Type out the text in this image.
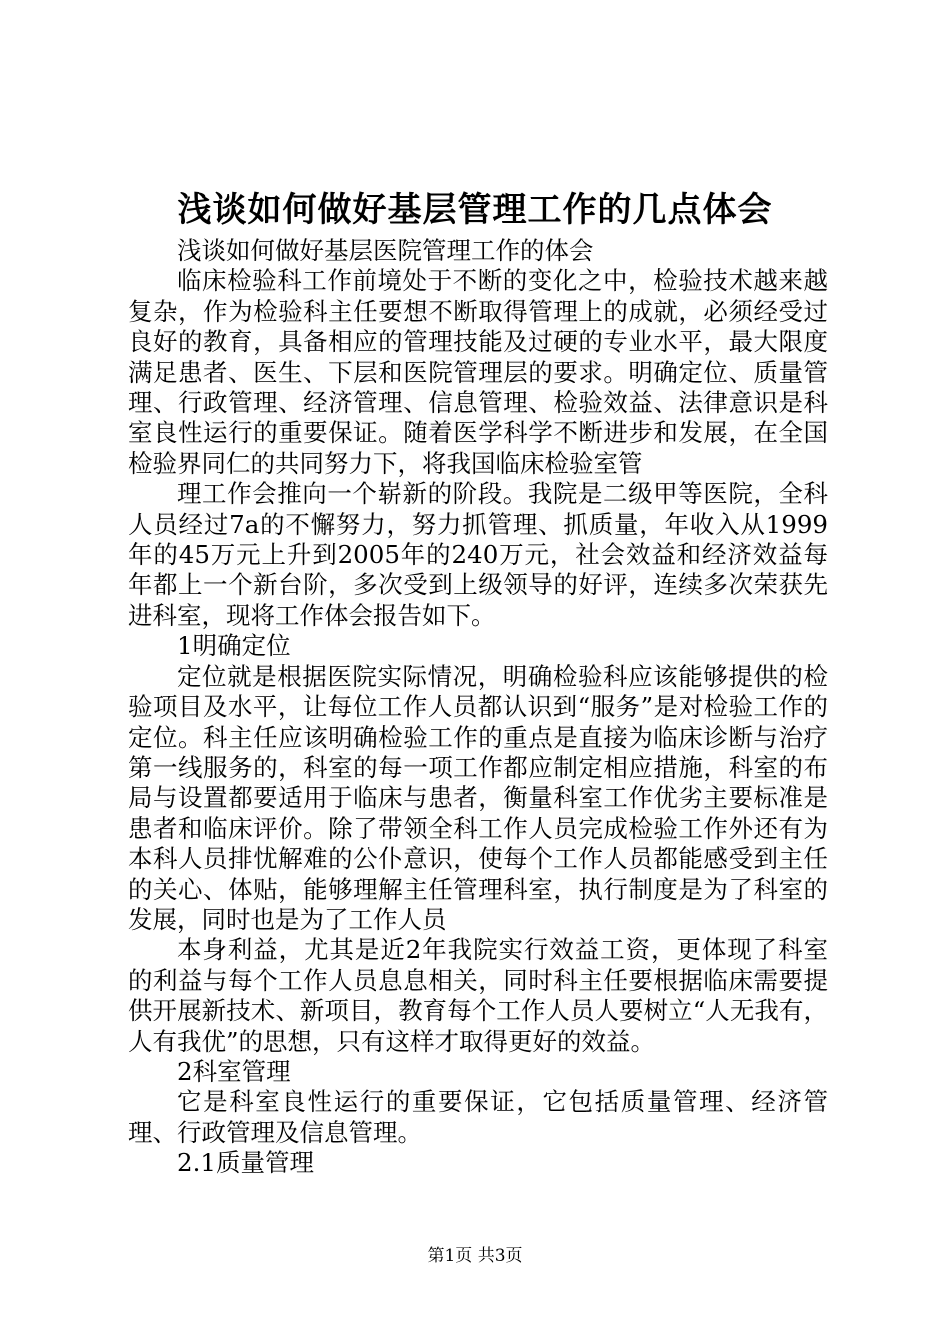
浅谈如何做好基层管理工作的几点体会

浅谈如何做好基层医院管理工作的体会

临床检验科工作前境处于不断的变化之中，检验技术越来越复杂，作为检验科主任要想不断取得管理上的成就，必须经受过良好的教育，具备相应的管理技能及过硬的专业水平，最大限度满足患者、医生、下层和医院管理层的要求。明确定位、质量管理、行政管理、经济管理、信息管理、检验效益、法律意识是科室良性运行的重要保证。随着医学科学不断进步和发展，在全国检验界同仁的共同努力下，将我国临床检验室管

理工作会推向一个崭新的阶段。我院是二级甲等医院，全科人员经过7a的不懈努力，努力抓管理、抓质量，年收入从1999年的45万元上升到2005年的240万元，社会效益和经济效益每年都上一个新台阶，多次受到上级领导的好评，连续多次荣获先进科室，现将工作体会报告如下。

1明确定位

定位就是根据医院实际情况，明确检验科应该能够提供的检验项目及水平，让每位工作人员都认识到“服务”是对检验工作的定位。科主任应该明确检验工作的重点是直接为临床诊断与治疗第一线服务的，科室的每一项工作都应制定相应措施，科室的布局与设置都要适用于临床与患者，衡量科室工作优劣主要标准是患者和临床评价。除了带领全科工作人员完成检验工作外还有为本科人员排忧解难的公仆意识，使每个工作人员都能感受到主任的关心、体贴，能够理解主任管理科室，执行制度是为了科室的发展，同时也是为了工作人员

本身利益，尤其是近2年我院实行效益工资，更体现了科室的利益与每个工作人员息息相关，同时科主任要根据临床需要提供开展新技术、新项目，教育每个工作人员人要树立“人无我有，人有我优”的思想，只有这样才取得更好的效益。

2科室管理

它是科室良性运行的重要保证，它包括质量管理、经济管理、行政管理及信息管理。

2.1质量管理

第1页 共3页
